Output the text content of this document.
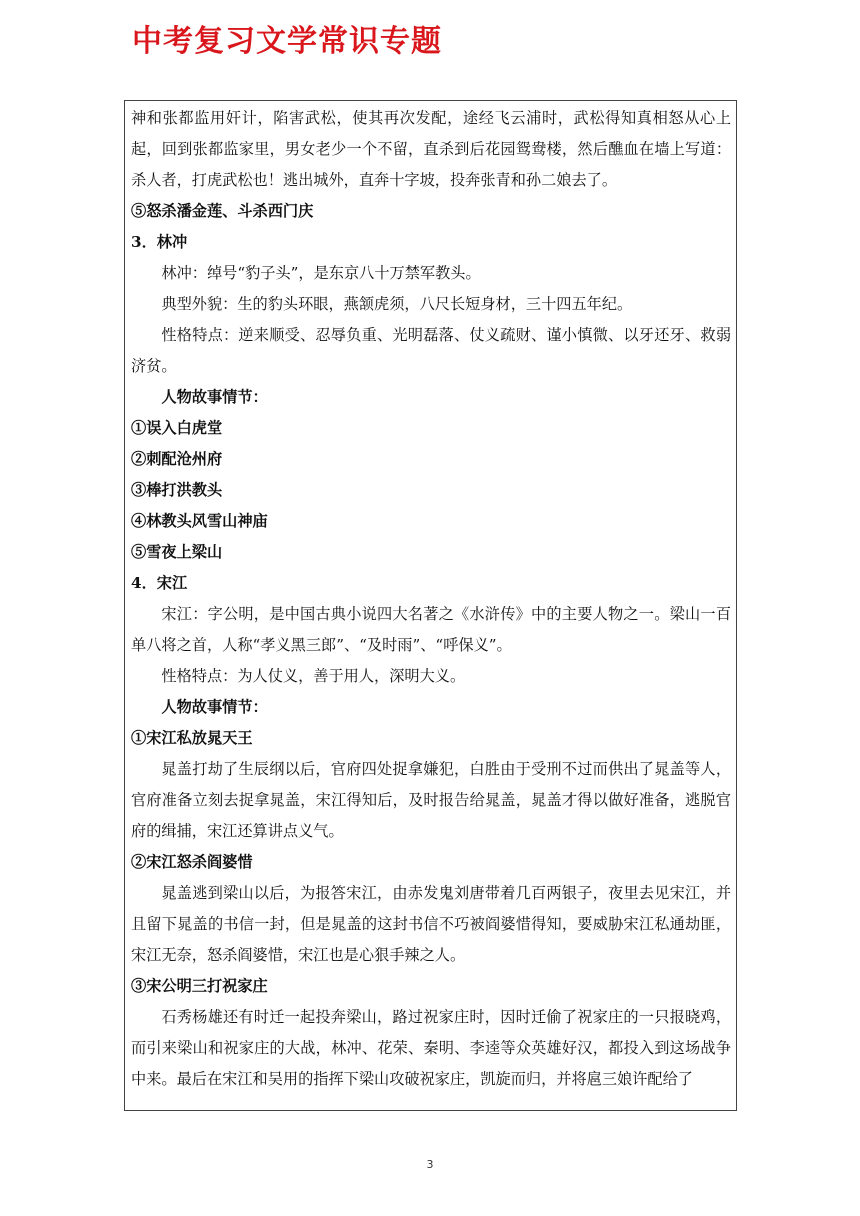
中考复习文学常识专题

神和张都监用奸计，陷害武松，使其再次发配，途经飞云浦时，武松得知真相怒从心上起，回到张都监家里，男女老少一个不留，直杀到后花园鸳鸯楼，然后醮血在墙上写道：杀人者，打虎武松也！逃出城外，直奔十字坡，投奔张青和孙二娘去了。

⑤怒杀潘金莲、斗杀西门庆

3．林冲

林冲：绰号“豹子头”，是东京八十万禁军教头。

典型外貌：生的豹头环眼，燕颔虎须，八尺长短身材，三十四五年纪。

性格特点：逆来顺受、忍辱负重、光明磊落、仗义疏财、谨小慎微、以牙还牙、救弱济贫。

人物故事情节：

①误入白虎堂

②刺配沧州府

③棒打洪教头

④林教头风雪山神庙

⑤雪夜上梁山

4．宋江

宋江：字公明，是中国古典小说四大名著之《水浒传》中的主要人物之一。梁山一百单八将之首，人称“孝义黑三郎”、“及时雨”、“呼保义”。

性格特点：为人仗义，善于用人，深明大义。

人物故事情节：

①宋江私放晁天王

晁盖打劫了生辰纲以后，官府四处捉拿嫌犯，白胜由于受刑不过而供出了晁盖等人，官府准备立刻去捉拿晁盖，宋江得知后，及时报告给晁盖，晁盖才得以做好准备，逃脱官府的缉捕，宋江还算讲点义气。

②宋江怒杀阎婆惜

晁盖逃到梁山以后，为报答宋江，由赤发鬼刘唐带着几百两银子，夜里去见宋江，并且留下晁盖的书信一封，但是晁盖的这封书信不巧被阎婆惜得知，要威胁宋江私通劫匪，宋江无奈，怒杀阎婆惜，宋江也是心狠手辣之人。

③宋公明三打祝家庄

石秀杨雄还有时迁一起投奔梁山，路过祝家庄时，因时迁偷了祝家庄的一只报晓鸡，而引来梁山和祝家庄的大战，林冲、花荣、秦明、李逵等众英雄好汉，都投入到这场战争中来。最后在宋江和吴用的指挥下梁山攻破祝家庄，凯旋而归，并将扈三娘许配给了

3
